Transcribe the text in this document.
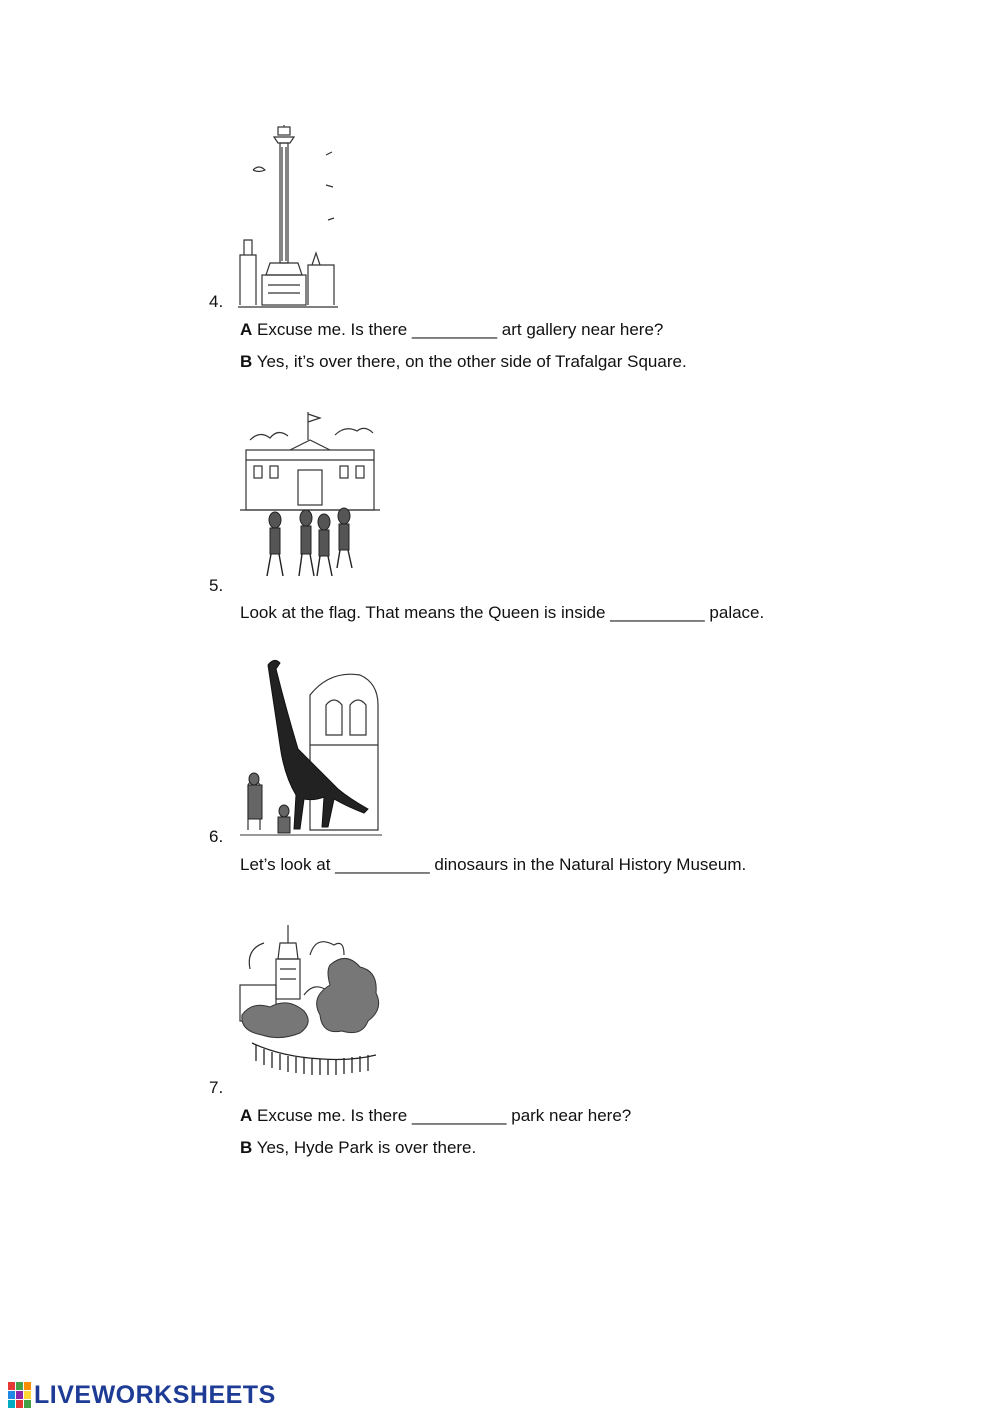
4.
A Excuse me. Is there _________ art gallery near here?
B Yes, it’s over there, on the other side of Trafalgar Square.
5.
Look at the flag. That means the Queen is inside __________ palace.
6.
Let’s look at __________ dinosaurs in the Natural History Museum.
7.
A Excuse me. Is there __________ park near here?
B Yes, Hyde Park is over there.
LIVEWORKSHEETS
